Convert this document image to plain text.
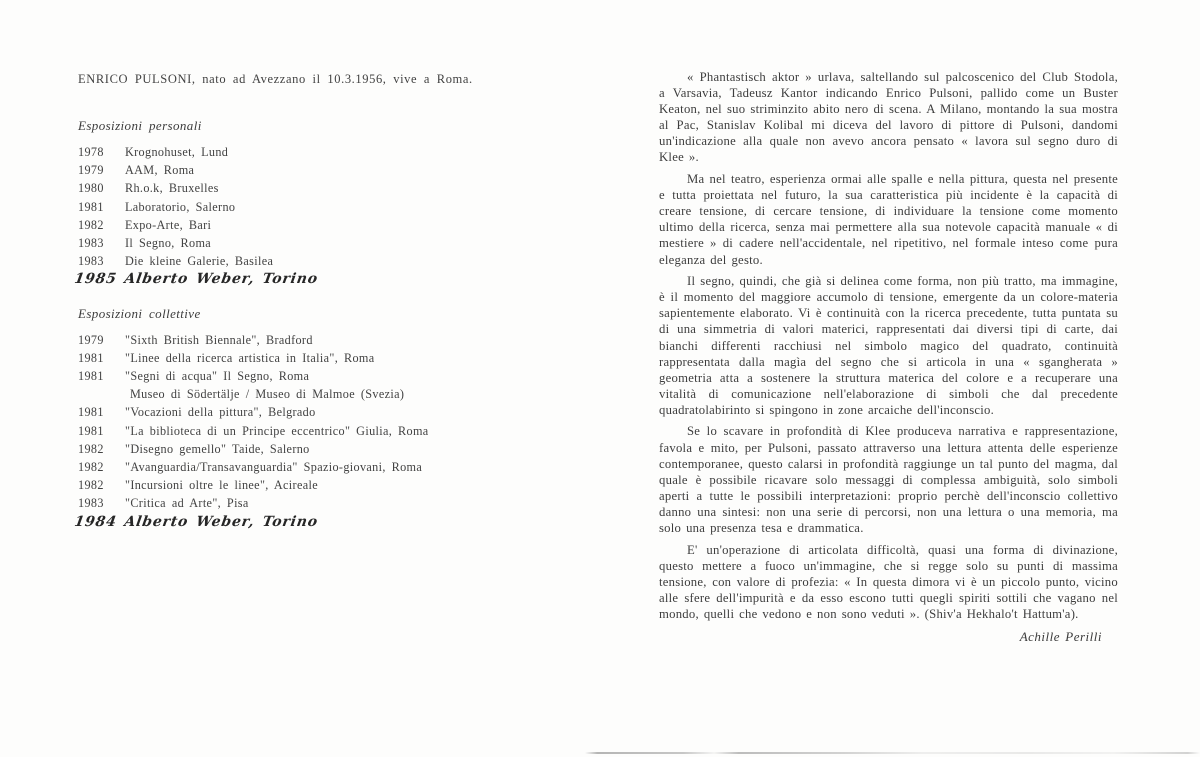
ENRICO PULSONI, nato ad Avezzano il 10.3.1956, vive a Roma.
Esposizioni personali
1978 Krognohuset, Lund
1979 AAM, Roma
1980 Rh.o.k, Bruxelles
1981 Laboratorio, Salerno
1982 Expo-Arte, Bari
1983 Il Segno, Roma
1983 Die kleine Galerie, Basilea
1985 Alberto Weber, Torino
Esposizioni collettive
1979 "Sixth British Biennale", Bradford
1981 "Linee della ricerca artistica in Italia", Roma
1981 "Segni di acqua" Il Segno, Roma
Museo di Södertälje / Museo di Malmoe (Svezia)
1981 "Vocazioni della pittura", Belgrado
1981 "La biblioteca di un Principe eccentrico" Giulia, Roma
1982 "Disegno gemello" Taide, Salerno
1982 "Avanguardia/Transavanguardia" Spazio-giovani, Roma
1982 "Incursioni oltre le linee", Acireale
1983 "Critica ad Arte", Pisa
1984 Alberto Weber, Torino

« Phantastisch aktor » urlava, saltellando sul palcoscenico del Club Stodola, a Varsavia, Tadeusz Kantor indicando Enrico Pulsoni, pallido come un Buster Keaton, nel suo striminzito abito nero di scena. A Milano, montando la sua mostra al Pac, Stanislav Kolibal mi diceva del lavoro di pittore di Pulsoni, dandomi un'indicazione alla quale non avevo ancora pensato « lavora sul segno duro di Klee ».

Ma nel teatro, esperienza ormai alle spalle e nella pittura, questa nel presente e tutta proiettata nel futuro, la sua caratteristica più incidente è la capacità di creare tensione, di cercare tensione, di individuare la tensione come momento ultimo della ricerca, senza mai permettere alla sua notevole capacità manuale « di mestiere » di cadere nell'accidentale, nel ripetitivo, nel formale inteso come pura eleganza del gesto.

Il segno, quindi, che già si delinea come forma, non più tratto, ma immagine, è il momento del maggiore accumolo di tensione, emergente da un colore-materia sapientemente elaborato. Vi è continuità con la ricerca precedente, tutta puntata su di una simmetria di valori materici, rappresentati dai diversi tipi di carte, dai bianchi differenti racchiusi nel simbolo magico del quadrato, continuità rappresentata dalla magìa del segno che si articola in una « sgangherata » geometria atta a sostenere la struttura materica del colore e a recuperare una vitalità di comunicazione nell'elaborazione di simboli che dal precedente quadratolabirinto si spingono in zone arcaiche dell'inconscio.

Se lo scavare in profondità di Klee produceva narrativa e rappresentazione, favola e mito, per Pulsoni, passato attraverso una lettura attenta delle esperienze contemporanee, questo calarsi in profondità raggiunge un tal punto del magma, dal quale è possibile ricavare solo messaggi di complessa ambiguità, solo simboli aperti a tutte le possibili interpretazioni: proprio perchè dell'inconscio collettivo danno una sintesi: non una serie di percorsi, non una lettura o una memoria, ma solo una presenza tesa e drammatica.

E' un'operazione di articolata difficoltà, quasi una forma di divinazione, questo mettere a fuoco un'immagine, che si regge solo su punti di massima tensione, con valore di profezia: « In questa dimora vi è un piccolo punto, vicino alle sfere dell'impurità e da esso escono tutti quegli spiriti sottili che vagano nel mondo, quelli che vedono e non sono veduti ». (Shiv'a Hekhalo't Hattum'a).

Achille Perilli
